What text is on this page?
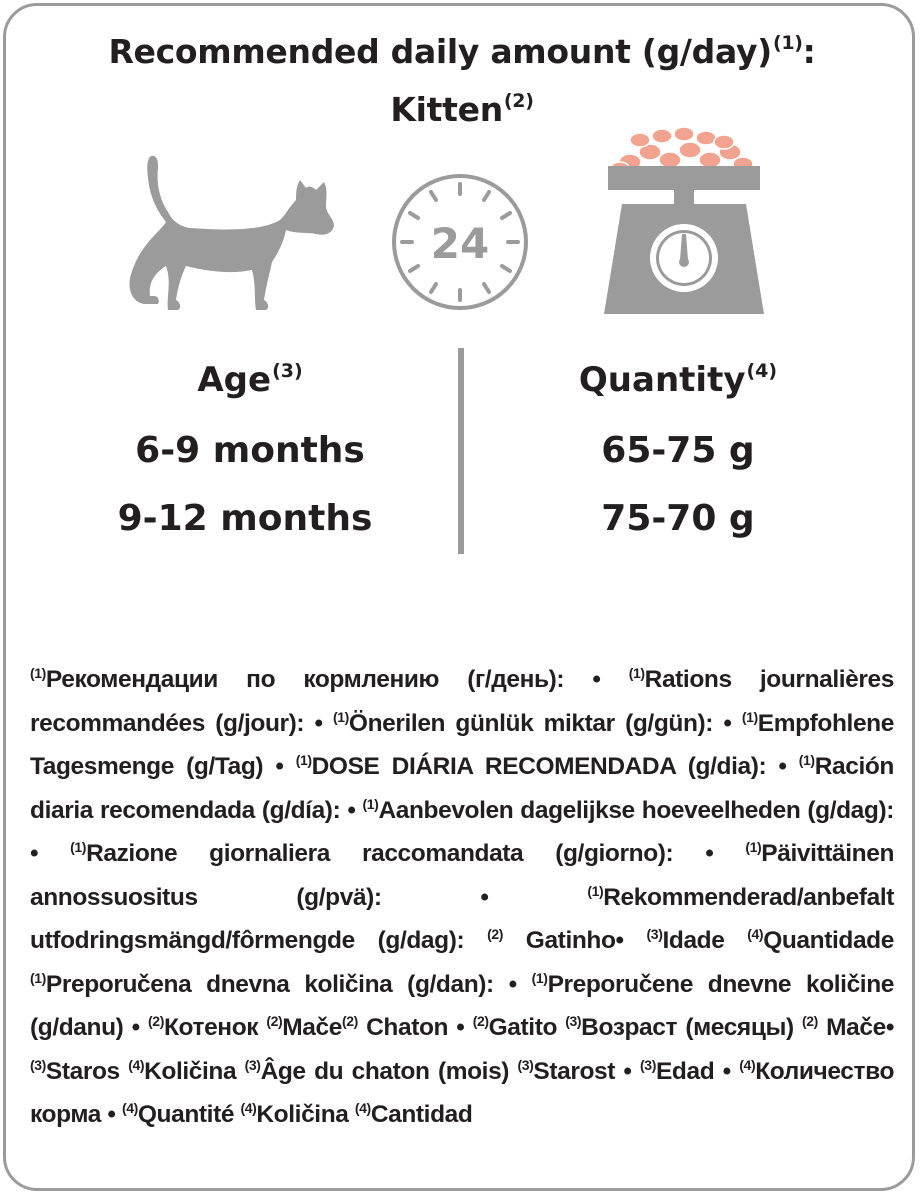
Recommended daily amount $(g/day)^{(1)}$:
Kitten$^{(2)}$
24
Age$^{(3)}$	Quantity$^{(4)}$
6-9 months	65-75 g
9-12 months	75-70 g
$^{(1)}$Рекомендации по кормлению (г/день): • $^{(1)}$Rations journalières recommandées (g/jour): • $^{(1)}$Önerilen günlük miktar (g/gün): • $^{(1)}$Empfohlene Tagesmenge (g/Tag) • $^{(1)}$DOSE DIÁRIA RECOMENDADA (g/dia): • $^{(1)}$Ración diaria recomendada (g/día): • $^{(1)}$Aanbevolen dagelijkse hoeveelheden (g/dag): • $^{(1)}$Razione giornaliera raccomandata (g/giorno): • $^{(1)}$Päivittäinen annossuositus (g/pvä): • $^{(1)}$Rekommenderad/anbefalt utfodringsmängd/fôrmengde (g/dag): $^{(2)}$ Gatinho• $^{(3)}$Idade $^{(4)}$Quantidade $^{(1)}$Preporučena dnevna količina (g/dan): • $^{(1)}$Preporučene dnevne količine (g/danu) • $^{(2)}$Котенок $^{(2)}$Мače$^{(2)}$ Chaton • $^{(2)}$Gatito $^{(3)}$Возраст (месяцы) $^{(2)}$ Мače• $^{(3)}$Staros $^{(4)}$Količina $^{(3)}$Âge du chaton (mois) $^{(3)}$Starost • $^{(3)}$Edad • $^{(4)}$Количество корма • $^{(4)}$Quantité $^{(4)}$Količina $^{(4)}$Cantidad
